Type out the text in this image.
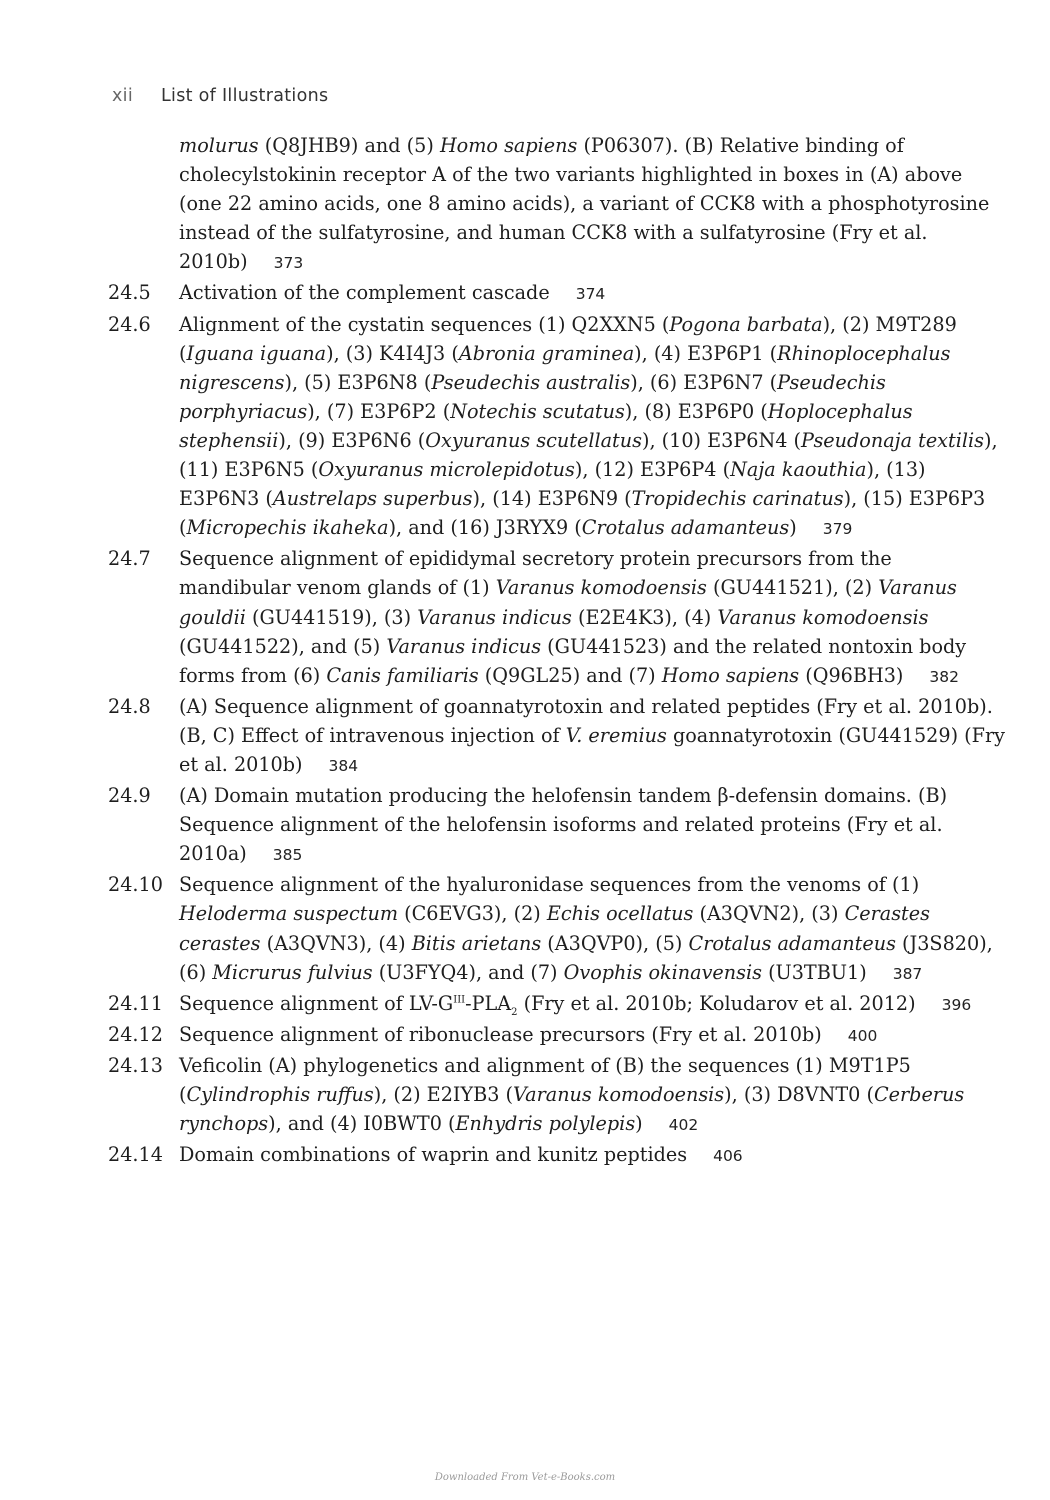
xii List of Illustrations
molurus (Q8JHB9) and (5) Homo sapiens (P06307). (B) Relative binding of cholecylstokinin receptor A of the two variants highlighted in boxes in (A) above (one 22 amino acids, one 8 amino acids), a variant of CCK8 with a phosphotyrosine instead of the sulfatyrosine, and human CCK8 with a sulfatyrosine (Fry et al. 2010b) 373
24.5	Activation of the complement cascade 374
24.6	Alignment of the cystatin sequences (1) Q2XXN5 (Pogona barbata), (2) M9T289 (Iguana iguana), (3) K4I4J3 (Abronia graminea), (4) E3P6P1 (Rhinoplocephalus nigrescens), (5) E3P6N8 (Pseudechis australis), (6) E3P6N7 (Pseudechis porphyriacus), (7) E3P6P2 (Notechis scutatus), (8) E3P6P0 (Hoplocephalus stephensii), (9) E3P6N6 (Oxyuranus scutellatus), (10) E3P6N4 (Pseudonaja textilis), (11) E3P6N5 (Oxyuranus microlepidotus), (12) E3P6P4 (Naja kaouthia), (13) E3P6N3 (Austrelaps superbus), (14) E3P6N9 (Tropidechis carinatus), (15) E3P6P3 (Micropechis ikaheka), and (16) J3RYX9 (Crotalus adamanteus) 379
24.7	Sequence alignment of epididymal secretory protein precursors from the mandibular venom glands of (1) Varanus komodoensis (GU441521), (2) Varanus gouldii (GU441519), (3) Varanus indicus (E2E4K3), (4) Varanus komodoensis (GU441522), and (5) Varanus indicus (GU441523) and the related nontoxin body forms from (6) Canis familiaris (Q9GL25) and (7) Homo sapiens (Q96BH3) 382
24.8	(A) Sequence alignment of goannatyrotoxin and related peptides (Fry et al. 2010b). (B, C) Effect of intravenous injection of V. eremius goannatyrotoxin (GU441529) (Fry et al. 2010b) 384
24.9	(A) Domain mutation producing the helofensin tandem β-defensin domains. (B) Sequence alignment of the helofensin isoforms and related proteins (Fry et al. 2010a) 385
24.10 Sequence alignment of the hyaluronidase sequences from the venoms of (1) Heloderma suspectum (C6EVG3), (2) Echis ocellatus (A3QVN2), (3) Cerastes cerastes (A3QVN3), (4) Bitis arietans (A3QVP0), (5) Crotalus adamanteus (J3S820), (6) Micrurus fulvius (U3FYQ4), and (7) Ovophis okinavensis (U3TBU1) 387
24.11 Sequence alignment of $LV-G^{III}-PLA_2$ (Fry et al. 2010b; Koludarov et al. 2012) 396
24.12 Sequence alignment of ribonuclease precursors (Fry et al. 2010b) 400
24.13 Veficolin (A) phylogenetics and alignment of (B) the sequences (1) M9T1P5 (Cylindrophis ruffus), (2) E2IYB3 (Varanus komodoensis), (3) D8VNT0 (Cerberus rynchops), and (4) I0BWT0 (Enhydris polylepis) 402
24.14 Domain combinations of waprin and kunitz peptides 406
Downloaded From Vet-e-Books.com
